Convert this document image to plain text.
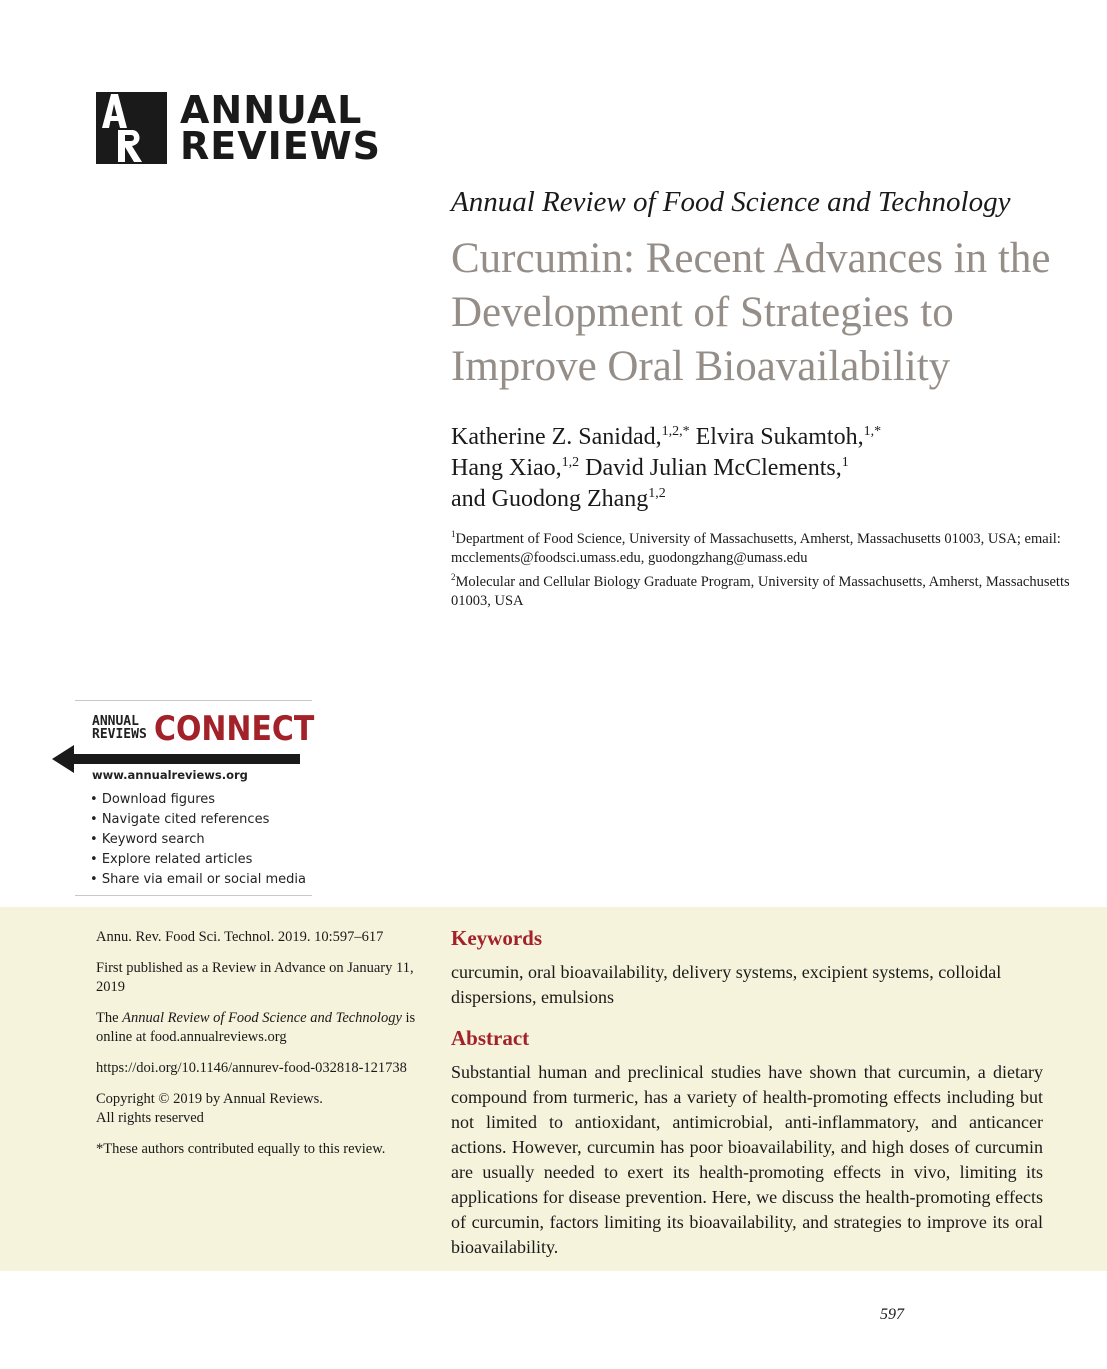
ANNUAL
REVIEWS
Annual Review of Food Science and Technology
Curcumin: Recent Advances in the Development of Strategies to Improve Oral Bioavailability
Katherine Z. Sanidad,$^{1,2,*}$ Elvira Sukamtoh,$^{1,*}$
Hang Xiao,$^{1,2}$ David Julian McClements,$^1$
and Guodong Zhang$^{1,2}$
$^1$Department of Food Science, University of Massachusetts, Amherst, Massachusetts 01003, USA; email: mcclements@foodsci.umass.edu, guodongzhang@umass.edu
$^2$Molecular and Cellular Biology Graduate Program, University of Massachusetts, Amherst, Massachusetts 01003, USA
ANNUAL
REVIEWS CONNECT
www.annualreviews.org
• Download figures
• Navigate cited references
• Keyword search
• Explore related articles
• Share via email or social media

Annu. Rev. Food Sci. Technol. 2019. 10:597–617

First published as a Review in Advance on January 11, 2019

The Annual Review of Food Science and Technology is online at food.annualreviews.org

https://doi.org/10.1146/annurev-food-032818-121738

Copyright © 2019 by Annual Reviews.
All rights reserved

*These authors contributed equally to this review.

Keywords
curcumin, oral bioavailability, delivery systems, excipient systems, colloidal dispersions, emulsions
Abstract
Substantial human and preclinical studies have shown that curcumin, a dietary compound from turmeric, has a variety of health-promoting effects including but not limited to antioxidant, antimicrobial, anti-inflammatory, and anticancer actions. However, curcumin has poor bioavailability, and high doses of curcumin are usually needed to exert its health-promoting effects in vivo, limiting its applications for disease prevention. Here, we discuss the health-promoting effects of curcumin, factors limiting its bioavailability, and strategies to improve its oral bioavailability.
597
